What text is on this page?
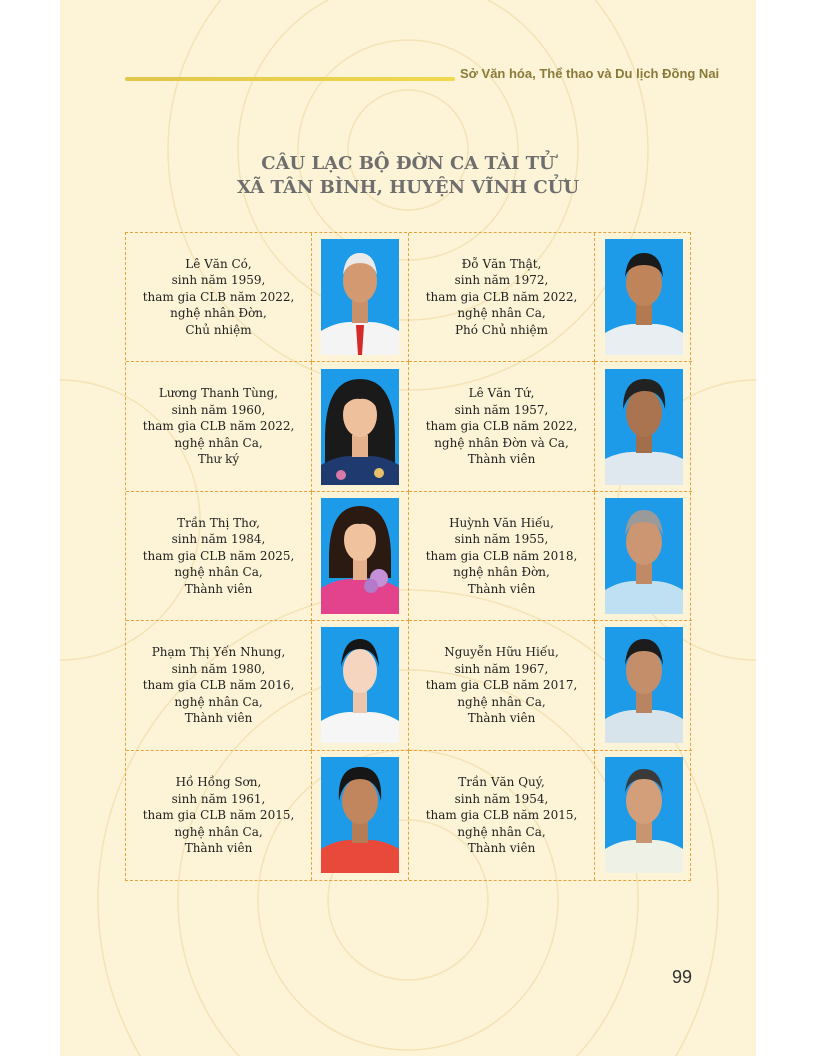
Sở Văn hóa, Thể thao và Du lịch Đồng Nai
CÂU LẠC BỘ ĐỜN CA TÀI TỬ
XÃ TÂN BÌNH, HUYỆN VĨNH CỬU
Lê Văn Có,
sinh năm 1959,
tham gia CLB năm 2022,
nghệ nhân Đờn,
Chủ nhiệm
Đỗ Văn Thật,
sinh năm 1972,
tham gia CLB năm 2022,
nghệ nhân Ca,
Phó Chủ nhiệm
Lương Thanh Tùng,
sinh năm 1960,
tham gia CLB năm 2022,
nghệ nhân Ca,
Thư ký
Lê Văn Tứ,
sinh năm 1957,
tham gia CLB năm 2022,
nghệ nhân Đờn và Ca,
Thành viên
Trần Thị Thơ,
sinh năm 1984,
tham gia CLB năm 2025,
nghệ nhân Ca,
Thành viên
Huỳnh Văn Hiếu,
sinh năm 1955,
tham gia CLB năm 2018,
nghệ nhân Đờn,
Thành viên
Phạm Thị Yến Nhung,
sinh năm 1980,
tham gia CLB năm 2016,
nghệ nhân Ca,
Thành viên
Nguyễn Hữu Hiếu,
sinh năm 1967,
tham gia CLB năm 2017,
nghệ nhân Ca,
Thành viên
Hồ Hồng Sơn,
sinh năm 1961,
tham gia CLB năm 2015,
nghệ nhân Ca,
Thành viên
Trần Văn Quý,
sinh năm 1954,
tham gia CLB năm 2015,
nghệ nhân Ca,
Thành viên
99
